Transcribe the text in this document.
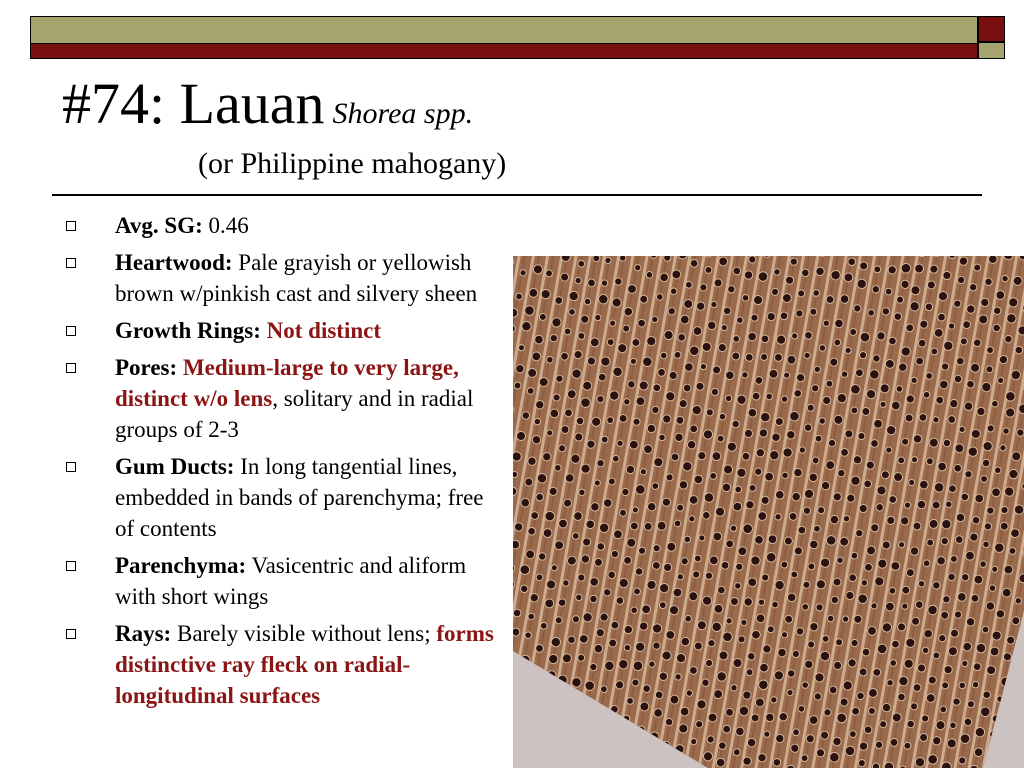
#74: Lauan Shorea spp.
(or Philippine mahogany)
Avg. SG: 0.46
Heartwood: Pale grayish or yellowish brown w/pinkish cast and silvery sheen
Growth Rings: Not distinct
Pores: Medium-large to very large, distinct w/o lens, solitary and in radial groups of 2-3
Gum Ducts: In long tangential lines, embedded in bands of parenchyma; free of contents
Parenchyma: Vasicentric and aliform with short wings
Rays: Barely visible without lens; forms distinctive ray fleck on radial-longitudinal surfaces
